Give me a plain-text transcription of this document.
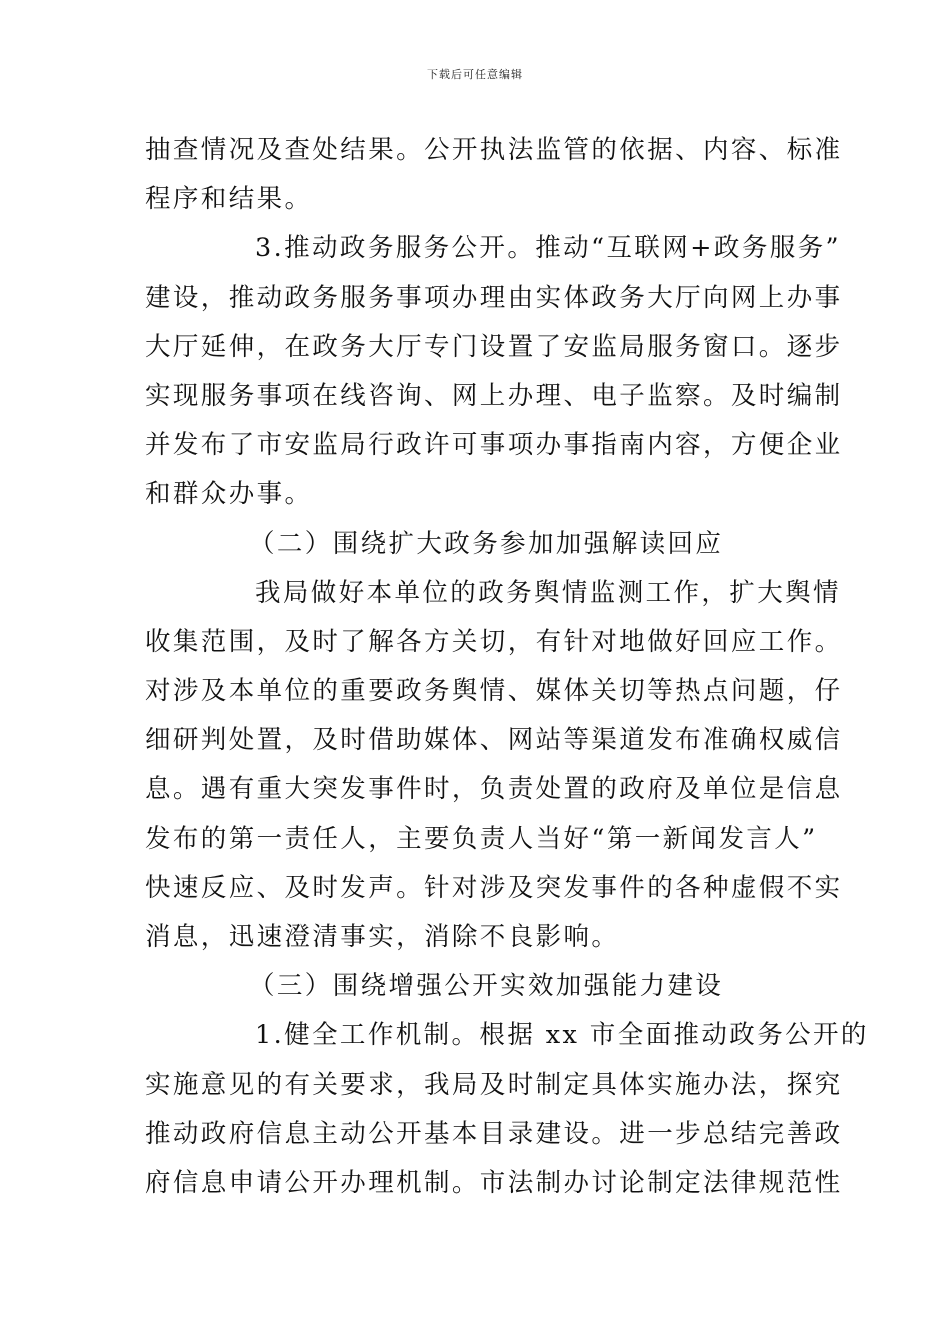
下载后可任意编辑
抽查情况及查处结果。公开执法监管的依据、内容、标准
程序和结果。
3.推动政务服务公开。推动“互联网+政务服务”
建设，推动政务服务事项办理由实体政务大厅向网上办事
大厅延伸，在政务大厅专门设置了安监局服务窗口。逐步
实现服务事项在线咨询、网上办理、电子监察。及时编制
并发布了市安监局行政许可事项办事指南内容，方便企业
和群众办事。
（二）围绕扩大政务参加加强解读回应
我局做好本单位的政务舆情监测工作，扩大舆情
收集范围，及时了解各方关切，有针对地做好回应工作。
对涉及本单位的重要政务舆情、媒体关切等热点问题，仔
细研判处置，及时借助媒体、网站等渠道发布准确权威信
息。遇有重大突发事件时，负责处置的政府及单位是信息
发布的第一责任人，主要负责人当好“第一新闻发言人”
快速反应、及时发声。针对涉及突发事件的各种虚假不实
消息，迅速澄清事实，消除不良影响。
（三）围绕增强公开实效加强能力建设
1.健全工作机制。根据 xx 市全面推动政务公开的
实施意见的有关要求，我局及时制定具体实施办法，探究
推动政府信息主动公开基本目录建设。进一步总结完善政
府信息申请公开办理机制。市法制办讨论制定法律规范性
